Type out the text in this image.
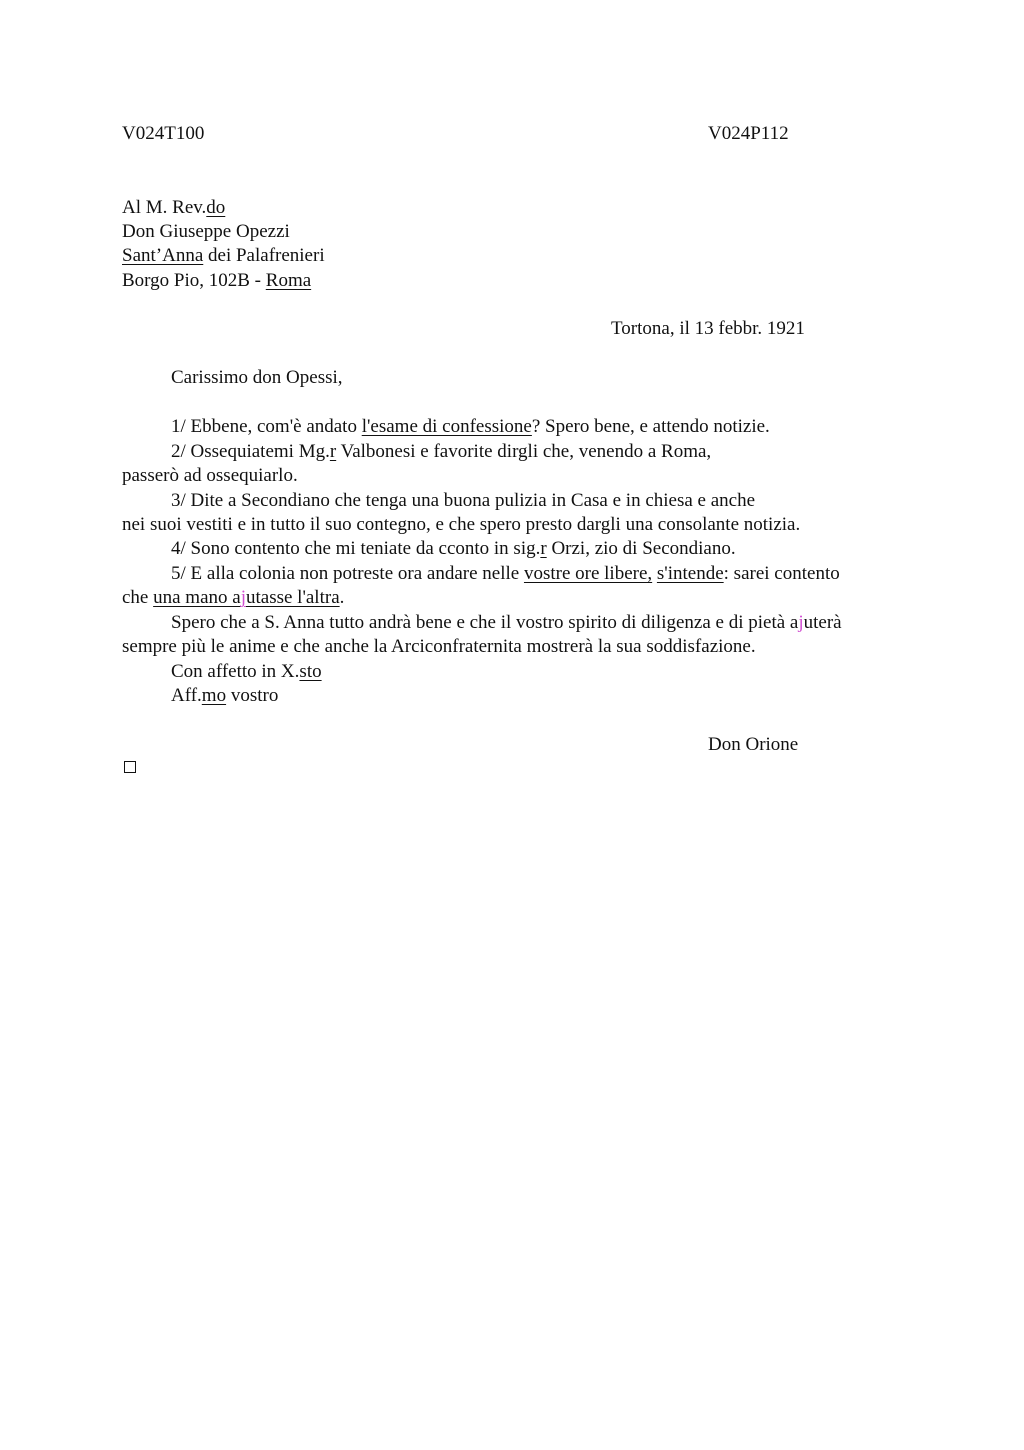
V024T100	V024P112
Al M. Rev.do
Don Giuseppe Opezzi
Sant’Anna dei Palafrenieri
Borgo Pio, 102B - Roma
Tortona, il 13 febbr. 1921
Carissimo don Opessi,
1/ Ebbene, com'è andato l'esame di confessione? Spero bene, e attendo notizie.
2/ Ossequiatemi Mg.r Valbonesi e favorite dirgli che, venendo a Roma,
passerò ad ossequiarlo.
3/ Dite a Secondiano che tenga una buona pulizia in Casa e in chiesa e anche
nei suoi vestiti e in tutto il suo contegno, e che spero presto dargli una consolante notizia.
4/ Sono contento che mi teniate da cconto in sig.r Orzi, zio di Secondiano.
5/ E alla colonia non potreste ora andare nelle vostre ore libere, s'intende: sarei contento
che una mano ajutasse l'altra.
Spero che a S. Anna tutto andrà bene e che il vostro spirito di diligenza e di pietà ajuterà
sempre più le anime e che anche la Arciconfraternita mostrerà la sua soddisfazione.
Con affetto in X.sto
Aff.mo vostro
Don Orione
